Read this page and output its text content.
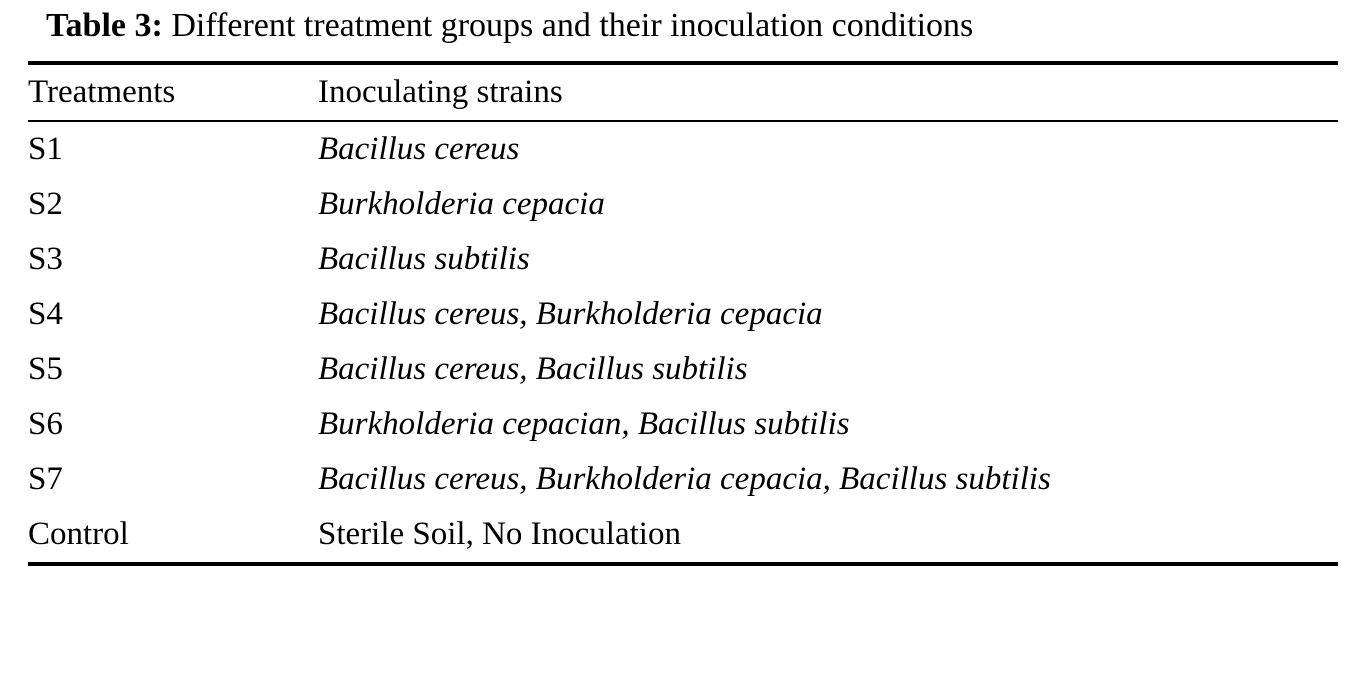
Table 3: Different treatment groups and their inoculation conditions
Treatments	Inoculating strains
S1	Bacillus cereus
S2	Burkholderia cepacia
S3	Bacillus subtilis
S4	Bacillus cereus, Burkholderia cepacia
S5	Bacillus cereus, Bacillus subtilis
S6	Burkholderia cepacian, Bacillus subtilis
S7	Bacillus cereus, Burkholderia cepacia, Bacillus subtilis
Control	Sterile Soil, No Inoculation
